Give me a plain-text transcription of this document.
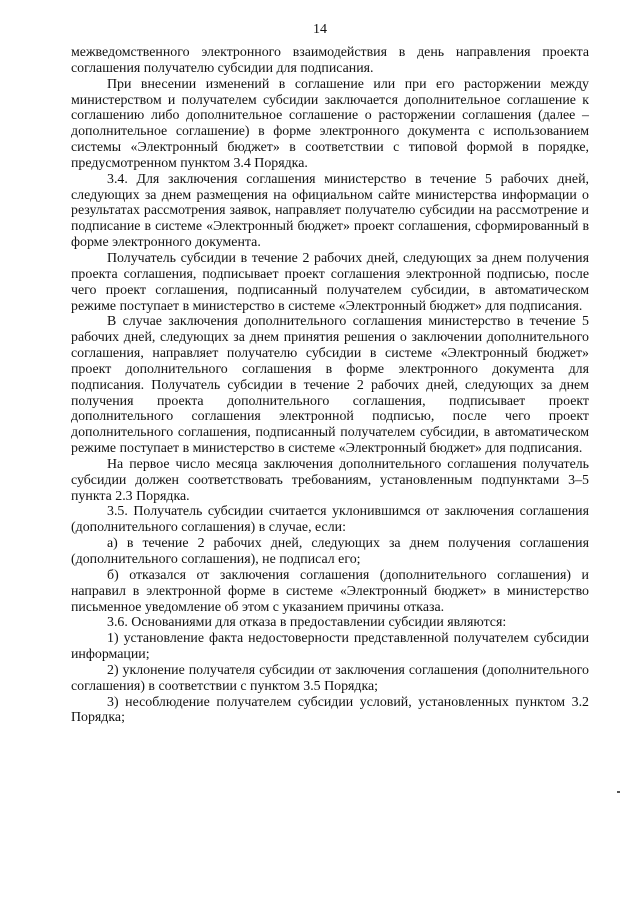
14

межведомственного электронного взаимодействия в день направления проекта соглашения получателю субсидии для подписания.

При внесении изменений в соглашение или при его расторжении между министерством и получателем субсидии заключается дополнительное соглашение к соглашению либо дополнительное соглашение о расторжении соглашения (далее – дополнительное соглашение) в форме электронного документа с использованием системы «Электронный бюджет» в соответствии с типовой формой в порядке, предусмотренном пунктом 3.4 Порядка.

3.4. Для заключения соглашения министерство в течение 5 рабочих дней, следующих за днем размещения на официальном сайте министерства информации о результатах рассмотрения заявок, направляет получателю субсидии на рассмотрение и подписание в системе «Электронный бюджет» проект соглашения, сформированный в форме электронного документа.

Получатель субсидии в течение 2 рабочих дней, следующих за днем получения проекта соглашения, подписывает проект соглашения электронной подписью, после чего проект соглашения, подписанный получателем субсидии, в автоматическом режиме поступает в министерство в системе «Электронный бюджет» для подписания.

В случае заключения дополнительного соглашения министерство в течение 5 рабочих дней, следующих за днем принятия решения о заключении дополнительного соглашения, направляет получателю субсидии в системе «Электронный бюджет» проект дополнительного соглашения в форме электронного документа для подписания. Получатель субсидии в течение 2 рабочих дней, следующих за днем получения проекта дополнительного соглашения, подписывает проект дополнительного соглашения электронной подписью, после чего проект дополнительного соглашения, подписанный получателем субсидии, в автоматическом режиме поступает в министерство в системе «Электронный бюджет» для подписания.

На первое число месяца заключения дополнительного соглашения получатель субсидии должен соответствовать требованиям, установленным подпунктами 3–5 пункта 2.3 Порядка.

3.5. Получатель субсидии считается уклонившимся от заключения соглашения (дополнительного соглашения) в случае, если:

а) в течение 2 рабочих дней, следующих за днем получения соглашения (дополнительного соглашения), не подписал его;

б) отказался от заключения соглашения (дополнительного соглашения) и направил в электронной форме в системе «Электронный бюджет» в министерство письменное уведомление об этом с указанием причины отказа.

3.6. Основаниями для отказа в предоставлении субсидии являются:

1) установление факта недостоверности представленной получателем субсидии информации;

2) уклонение получателя субсидии от заключения соглашения (дополнительного соглашения) в соответствии с пунктом 3.5 Порядка;

3) несоблюдение получателем субсидии условий, установленных пунктом 3.2 Порядка;
